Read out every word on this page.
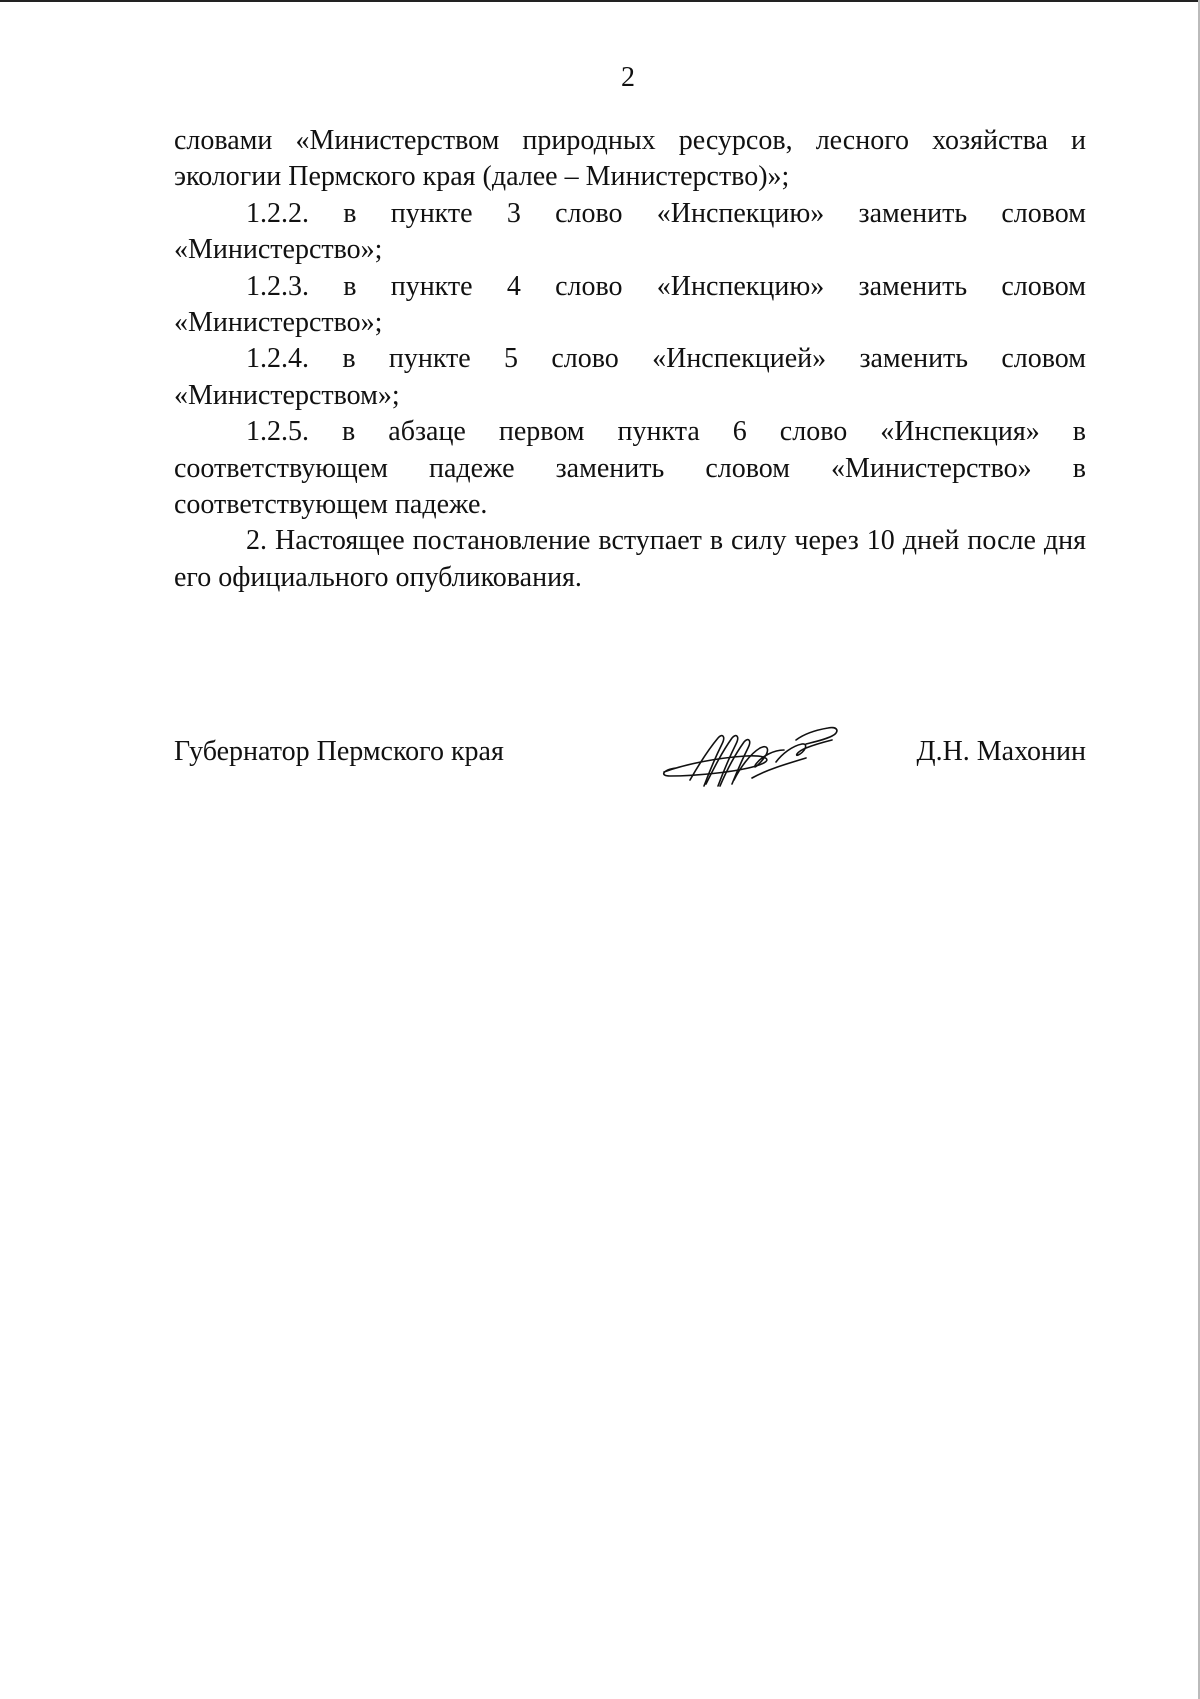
2

словами «Министерством природных ресурсов, лесного хозяйства и экологии Пермского края (далее – Министерство)»;

1.2.2. в пункте 3 слово «Инспекцию» заменить словом «Министерство»;

1.2.3. в пункте 4 слово «Инспекцию» заменить словом «Министерство»;

1.2.4. в пункте 5 слово «Инспекцией» заменить словом «Министерством»;

1.2.5. в абзаце первом пункта 6 слово «Инспекция» в соответствующем падеже заменить словом «Министерство» в соответствующем падеже.

2. Настоящее постановление вступает в силу через 10 дней после дня его официального опубликования.

Губернатор Пермского края	Д.Н. Махонин
